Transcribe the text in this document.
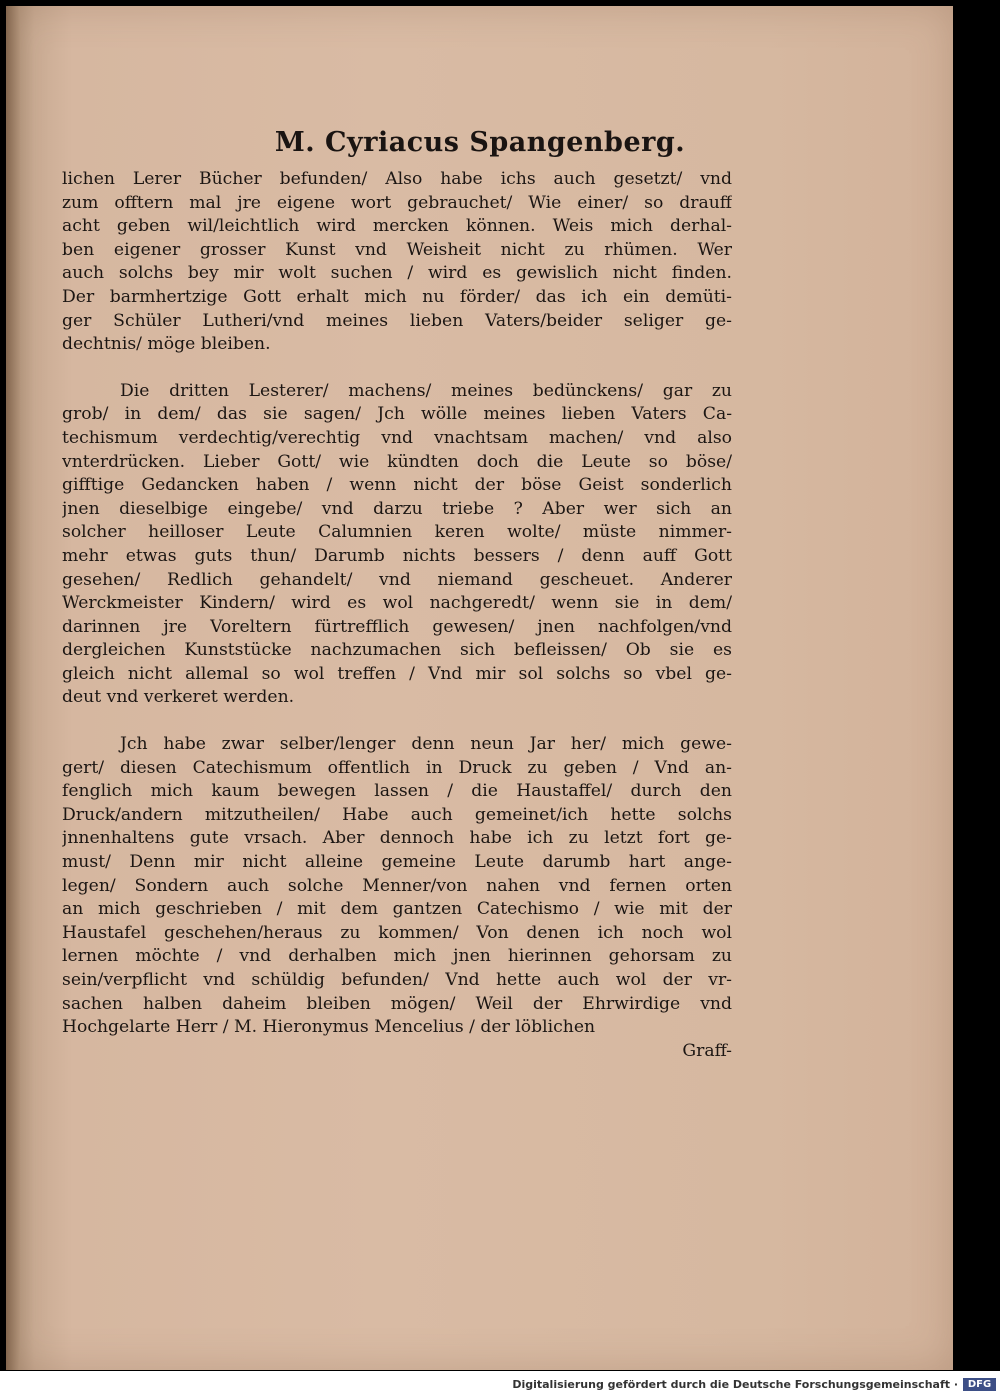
M. Cyriacus Spangenberg.
lichen Lerer Bücher befunden/ Also habe ichs auch gesetzt/ vnd
zum offtern mal jre eigene wort gebrauchet/ Wie einer/ so drauff
acht geben wil/leichtlich wird mercken können. Weis mich derhal-
ben eigener grosser Kunst vnd Weisheit nicht zu rhümen. Wer
auch solchs bey mir wolt suchen / wird es gewislich nicht finden.
Der barmhertzige Gott erhalt mich nu förder/ das ich ein demüti-
ger Schüler Lutheri/vnd meines lieben Vaters/beider seliger ge-
dechtnis/ möge bleiben.
Die dritten Lesterer/ machens/ meines bedünckens/ gar zu
grob/ in dem/ das sie sagen/ Jch wölle meines lieben Vaters Ca-
techismum verdechtig/verechtig vnd vnachtsam machen/ vnd also
vnterdrücken. Lieber Gott/ wie kündten doch die Leute so böse/
gifftige Gedancken haben / wenn nicht der böse Geist sonderlich
jnen dieselbige eingebe/ vnd darzu triebe ? Aber wer sich an
solcher heilloser Leute Calumnien keren wolte/ müste nimmer-
mehr etwas guts thun/ Darumb nichts bessers / denn auff Gott
gesehen/ Redlich gehandelt/ vnd niemand gescheuet. Anderer
Werckmeister Kindern/ wird es wol nachgeredt/ wenn sie in dem/
darinnen jre Voreltern fürtrefflich gewesen/ jnen nachfolgen/vnd
dergleichen Kunststücke nachzumachen sich befleissen/ Ob sie es
gleich nicht allemal so wol treffen / Vnd mir sol solchs so vbel ge-
deut vnd verkeret werden.
Jch habe zwar selber/lenger denn neun Jar her/ mich gewe-
gert/ diesen Catechismum offentlich in Druck zu geben / Vnd an-
fenglich mich kaum bewegen lassen / die Haustaffel/ durch den
Druck/andern mitzutheilen/ Habe auch gemeinet/ich hette solchs
jnnenhaltens gute vrsach. Aber dennoch habe ich zu letzt fort ge-
must/ Denn mir nicht alleine gemeine Leute darumb hart ange-
legen/ Sondern auch solche Menner/von nahen vnd fernen orten
an mich geschrieben / mit dem gantzen Catechismo / wie mit der
Haustafel geschehen/heraus zu kommen/ Von denen ich noch wol
lernen möchte / vnd derhalben mich jnen hierinnen gehorsam zu
sein/verpflicht vnd schüldig befunden/ Vnd hette auch wol der vr-
sachen halben daheim bleiben mögen/ Weil der Ehrwirdige vnd
Hochgelarte Herr / M. Hieronymus Mencelius / der löblichen
Graff-
Digitalisierung gefördert durch die Deutsche Forschungsgemeinschaft · DFG
